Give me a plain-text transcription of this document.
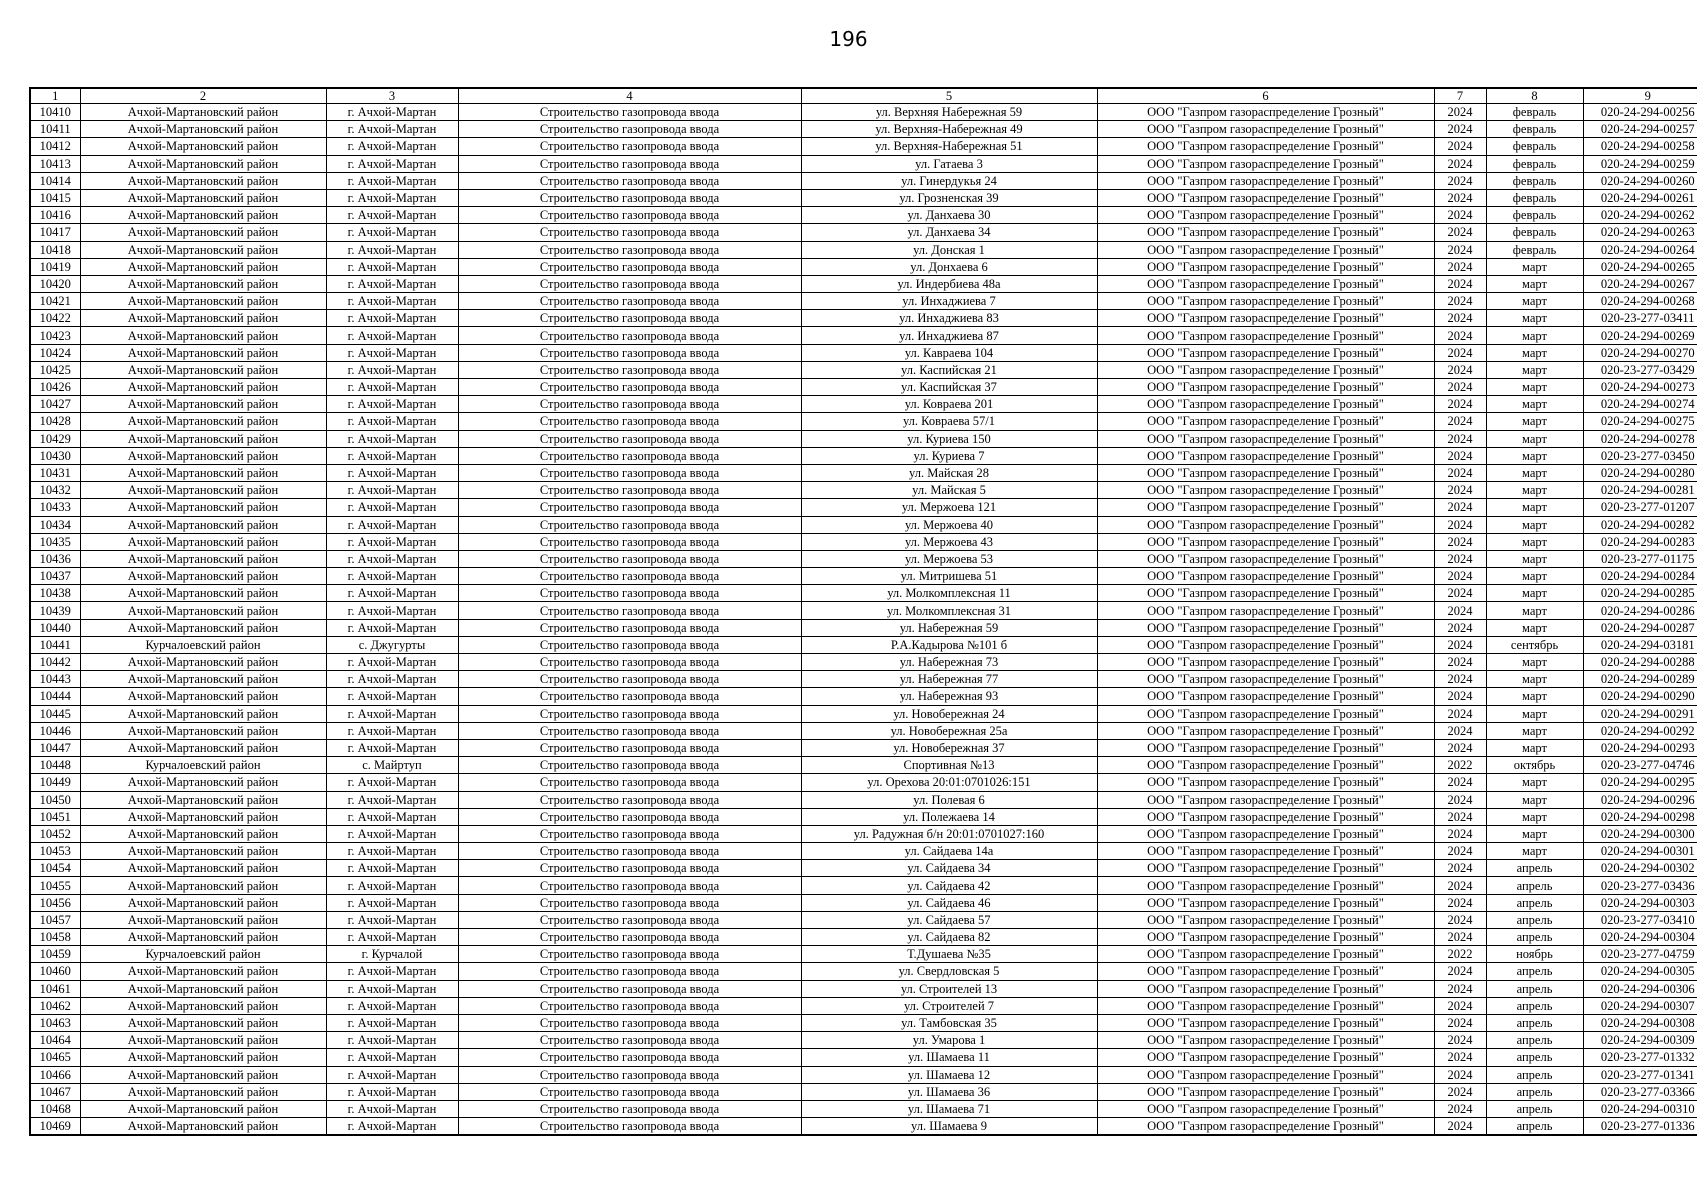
196
1	2	3	4	5	6	7	8	9
10410	Ачхой-Мартановский район	г. Ачхой-Мартан	Строительство газопровода ввода	ул. Верхняя Набережная 59	ООО "Газпром газораспределение Грозный"	2024	февраль	020-24-294-00256
10411	Ачхой-Мартановский район	г. Ачхой-Мартан	Строительство газопровода ввода	ул. Верхняя-Набережная 49	ООО "Газпром газораспределение Грозный"	2024	февраль	020-24-294-00257
10412	Ачхой-Мартановский район	г. Ачхой-Мартан	Строительство газопровода ввода	ул. Верхняя-Набережная 51	ООО "Газпром газораспределение Грозный"	2024	февраль	020-24-294-00258
10413	Ачхой-Мартановский район	г. Ачхой-Мартан	Строительство газопровода ввода	ул. Гатаева 3	ООО "Газпром газораспределение Грозный"	2024	февраль	020-24-294-00259
10414	Ачхой-Мартановский район	г. Ачхой-Мартан	Строительство газопровода ввода	ул. Гинердукья 24	ООО "Газпром газораспределение Грозный"	2024	февраль	020-24-294-00260
10415	Ачхой-Мартановский район	г. Ачхой-Мартан	Строительство газопровода ввода	ул. Грозненская 39	ООО "Газпром газораспределение Грозный"	2024	февраль	020-24-294-00261
10416	Ачхой-Мартановский район	г. Ачхой-Мартан	Строительство газопровода ввода	ул. Данхаева 30	ООО "Газпром газораспределение Грозный"	2024	февраль	020-24-294-00262
10417	Ачхой-Мартановский район	г. Ачхой-Мартан	Строительство газопровода ввода	ул. Данхаева 34	ООО "Газпром газораспределение Грозный"	2024	февраль	020-24-294-00263
10418	Ачхой-Мартановский район	г. Ачхой-Мартан	Строительство газопровода ввода	ул. Донская 1	ООО "Газпром газораспределение Грозный"	2024	февраль	020-24-294-00264
10419	Ачхой-Мартановский район	г. Ачхой-Мартан	Строительство газопровода ввода	ул. Донхаева 6	ООО "Газпром газораспределение Грозный"	2024	март	020-24-294-00265
10420	Ачхой-Мартановский район	г. Ачхой-Мартан	Строительство газопровода ввода	ул. Индербиева 48а	ООО "Газпром газораспределение Грозный"	2024	март	020-24-294-00267
10421	Ачхой-Мартановский район	г. Ачхой-Мартан	Строительство газопровода ввода	ул. Инхаджиева 7	ООО "Газпром газораспределение Грозный"	2024	март	020-24-294-00268
10422	Ачхой-Мартановский район	г. Ачхой-Мартан	Строительство газопровода ввода	ул. Инхаджиева 83	ООО "Газпром газораспределение Грозный"	2024	март	020-23-277-03411
10423	Ачхой-Мартановский район	г. Ачхой-Мартан	Строительство газопровода ввода	ул. Инхаджиева 87	ООО "Газпром газораспределение Грозный"	2024	март	020-24-294-00269
10424	Ачхой-Мартановский район	г. Ачхой-Мартан	Строительство газопровода ввода	ул. Кавраева 104	ООО "Газпром газораспределение Грозный"	2024	март	020-24-294-00270
10425	Ачхой-Мартановский район	г. Ачхой-Мартан	Строительство газопровода ввода	ул. Каспийская 21	ООО "Газпром газораспределение Грозный"	2024	март	020-23-277-03429
10426	Ачхой-Мартановский район	г. Ачхой-Мартан	Строительство газопровода ввода	ул. Каспийская 37	ООО "Газпром газораспределение Грозный"	2024	март	020-24-294-00273
10427	Ачхой-Мартановский район	г. Ачхой-Мартан	Строительство газопровода ввода	ул. Ковраева 201	ООО "Газпром газораспределение Грозный"	2024	март	020-24-294-00274
10428	Ачхой-Мартановский район	г. Ачхой-Мартан	Строительство газопровода ввода	ул. Ковраева 57/1	ООО "Газпром газораспределение Грозный"	2024	март	020-24-294-00275
10429	Ачхой-Мартановский район	г. Ачхой-Мартан	Строительство газопровода ввода	ул. Куриева 150	ООО "Газпром газораспределение Грозный"	2024	март	020-24-294-00278
10430	Ачхой-Мартановский район	г. Ачхой-Мартан	Строительство газопровода ввода	ул. Куриева 7	ООО "Газпром газораспределение Грозный"	2024	март	020-23-277-03450
10431	Ачхой-Мартановский район	г. Ачхой-Мартан	Строительство газопровода ввода	ул. Майская 28	ООО "Газпром газораспределение Грозный"	2024	март	020-24-294-00280
10432	Ачхой-Мартановский район	г. Ачхой-Мартан	Строительство газопровода ввода	ул. Майская 5	ООО "Газпром газораспределение Грозный"	2024	март	020-24-294-00281
10433	Ачхой-Мартановский район	г. Ачхой-Мартан	Строительство газопровода ввода	ул. Мержоева 121	ООО "Газпром газораспределение Грозный"	2024	март	020-23-277-01207
10434	Ачхой-Мартановский район	г. Ачхой-Мартан	Строительство газопровода ввода	ул. Мержоева 40	ООО "Газпром газораспределение Грозный"	2024	март	020-24-294-00282
10435	Ачхой-Мартановский район	г. Ачхой-Мартан	Строительство газопровода ввода	ул. Мержоева 43	ООО "Газпром газораспределение Грозный"	2024	март	020-24-294-00283
10436	Ачхой-Мартановский район	г. Ачхой-Мартан	Строительство газопровода ввода	ул. Мержоева 53	ООО "Газпром газораспределение Грозный"	2024	март	020-23-277-01175
10437	Ачхой-Мартановский район	г. Ачхой-Мартан	Строительство газопровода ввода	ул. Митришева 51	ООО "Газпром газораспределение Грозный"	2024	март	020-24-294-00284
10438	Ачхой-Мартановский район	г. Ачхой-Мартан	Строительство газопровода ввода	ул. Молкомплексная 11	ООО "Газпром газораспределение Грозный"	2024	март	020-24-294-00285
10439	Ачхой-Мартановский район	г. Ачхой-Мартан	Строительство газопровода ввода	ул. Молкомплексная 31	ООО "Газпром газораспределение Грозный"	2024	март	020-24-294-00286
10440	Ачхой-Мартановский район	г. Ачхой-Мартан	Строительство газопровода ввода	ул. Набережная 59	ООО "Газпром газораспределение Грозный"	2024	март	020-24-294-00287
10441	Курчалоевский район	с. Джугурты	Строительство газопровода ввода	Р.А.Кадырова №101 б	ООО "Газпром газораспределение Грозный"	2024	сентябрь	020-24-294-03181
10442	Ачхой-Мартановский район	г. Ачхой-Мартан	Строительство газопровода ввода	ул. Набережная 73	ООО "Газпром газораспределение Грозный"	2024	март	020-24-294-00288
10443	Ачхой-Мартановский район	г. Ачхой-Мартан	Строительство газопровода ввода	ул. Набережная 77	ООО "Газпром газораспределение Грозный"	2024	март	020-24-294-00289
10444	Ачхой-Мартановский район	г. Ачхой-Мартан	Строительство газопровода ввода	ул. Набережная 93	ООО "Газпром газораспределение Грозный"	2024	март	020-24-294-00290
10445	Ачхой-Мартановский район	г. Ачхой-Мартан	Строительство газопровода ввода	ул. Новобережная 24	ООО "Газпром газораспределение Грозный"	2024	март	020-24-294-00291
10446	Ачхой-Мартановский район	г. Ачхой-Мартан	Строительство газопровода ввода	ул. Новобережная 25а	ООО "Газпром газораспределение Грозный"	2024	март	020-24-294-00292
10447	Ачхой-Мартановский район	г. Ачхой-Мартан	Строительство газопровода ввода	ул. Новобережная 37	ООО "Газпром газораспределение Грозный"	2024	март	020-24-294-00293
10448	Курчалоевский район	с. Майртуп	Строительство газопровода ввода	Спортивная №13	ООО "Газпром газораспределение Грозный"	2022	октябрь	020-23-277-04746
10449	Ачхой-Мартановский район	г. Ачхой-Мартан	Строительство газопровода ввода	ул. Орехова 20:01:0701026:151	ООО "Газпром газораспределение Грозный"	2024	март	020-24-294-00295
10450	Ачхой-Мартановский район	г. Ачхой-Мартан	Строительство газопровода ввода	ул. Полевая 6	ООО "Газпром газораспределение Грозный"	2024	март	020-24-294-00296
10451	Ачхой-Мартановский район	г. Ачхой-Мартан	Строительство газопровода ввода	ул. Полежаева 14	ООО "Газпром газораспределение Грозный"	2024	март	020-24-294-00298
10452	Ачхой-Мартановский район	г. Ачхой-Мартан	Строительство газопровода ввода	ул. Радужная б/н 20:01:0701027:160	ООО "Газпром газораспределение Грозный"	2024	март	020-24-294-00300
10453	Ачхой-Мартановский район	г. Ачхой-Мартан	Строительство газопровода ввода	ул. Сайдаева 14а	ООО "Газпром газораспределение Грозный"	2024	март	020-24-294-00301
10454	Ачхой-Мартановский район	г. Ачхой-Мартан	Строительство газопровода ввода	ул. Сайдаева 34	ООО "Газпром газораспределение Грозный"	2024	апрель	020-24-294-00302
10455	Ачхой-Мартановский район	г. Ачхой-Мартан	Строительство газопровода ввода	ул. Сайдаева 42	ООО "Газпром газораспределение Грозный"	2024	апрель	020-23-277-03436
10456	Ачхой-Мартановский район	г. Ачхой-Мартан	Строительство газопровода ввода	ул. Сайдаева 46	ООО "Газпром газораспределение Грозный"	2024	апрель	020-24-294-00303
10457	Ачхой-Мартановский район	г. Ачхой-Мартан	Строительство газопровода ввода	ул. Сайдаева 57	ООО "Газпром газораспределение Грозный"	2024	апрель	020-23-277-03410
10458	Ачхой-Мартановский район	г. Ачхой-Мартан	Строительство газопровода ввода	ул. Сайдаева 82	ООО "Газпром газораспределение Грозный"	2024	апрель	020-24-294-00304
10459	Курчалоевский район	г. Курчалой	Строительство газопровода ввода	Т.Душаева №35	ООО "Газпром газораспределение Грозный"	2022	ноябрь	020-23-277-04759
10460	Ачхой-Мартановский район	г. Ачхой-Мартан	Строительство газопровода ввода	ул. Свердловская 5	ООО "Газпром газораспределение Грозный"	2024	апрель	020-24-294-00305
10461	Ачхой-Мартановский район	г. Ачхой-Мартан	Строительство газопровода ввода	ул. Строителей 13	ООО "Газпром газораспределение Грозный"	2024	апрель	020-24-294-00306
10462	Ачхой-Мартановский район	г. Ачхой-Мартан	Строительство газопровода ввода	ул. Строителей 7	ООО "Газпром газораспределение Грозный"	2024	апрель	020-24-294-00307
10463	Ачхой-Мартановский район	г. Ачхой-Мартан	Строительство газопровода ввода	ул. Тамбовская 35	ООО "Газпром газораспределение Грозный"	2024	апрель	020-24-294-00308
10464	Ачхой-Мартановский район	г. Ачхой-Мартан	Строительство газопровода ввода	ул. Умарова 1	ООО "Газпром газораспределение Грозный"	2024	апрель	020-24-294-00309
10465	Ачхой-Мартановский район	г. Ачхой-Мартан	Строительство газопровода ввода	ул. Шамаева 11	ООО "Газпром газораспределение Грозный"	2024	апрель	020-23-277-01332
10466	Ачхой-Мартановский район	г. Ачхой-Мартан	Строительство газопровода ввода	ул. Шамаева 12	ООО "Газпром газораспределение Грозный"	2024	апрель	020-23-277-01341
10467	Ачхой-Мартановский район	г. Ачхой-Мартан	Строительство газопровода ввода	ул. Шамаева 36	ООО "Газпром газораспределение Грозный"	2024	апрель	020-23-277-03366
10468	Ачхой-Мартановский район	г. Ачхой-Мартан	Строительство газопровода ввода	ул. Шамаева 71	ООО "Газпром газораспределение Грозный"	2024	апрель	020-24-294-00310
10469	Ачхой-Мартановский район	г. Ачхой-Мартан	Строительство газопровода ввода	ул. Шамаева 9	ООО "Газпром газораспределение Грозный"	2024	апрель	020-23-277-01336
